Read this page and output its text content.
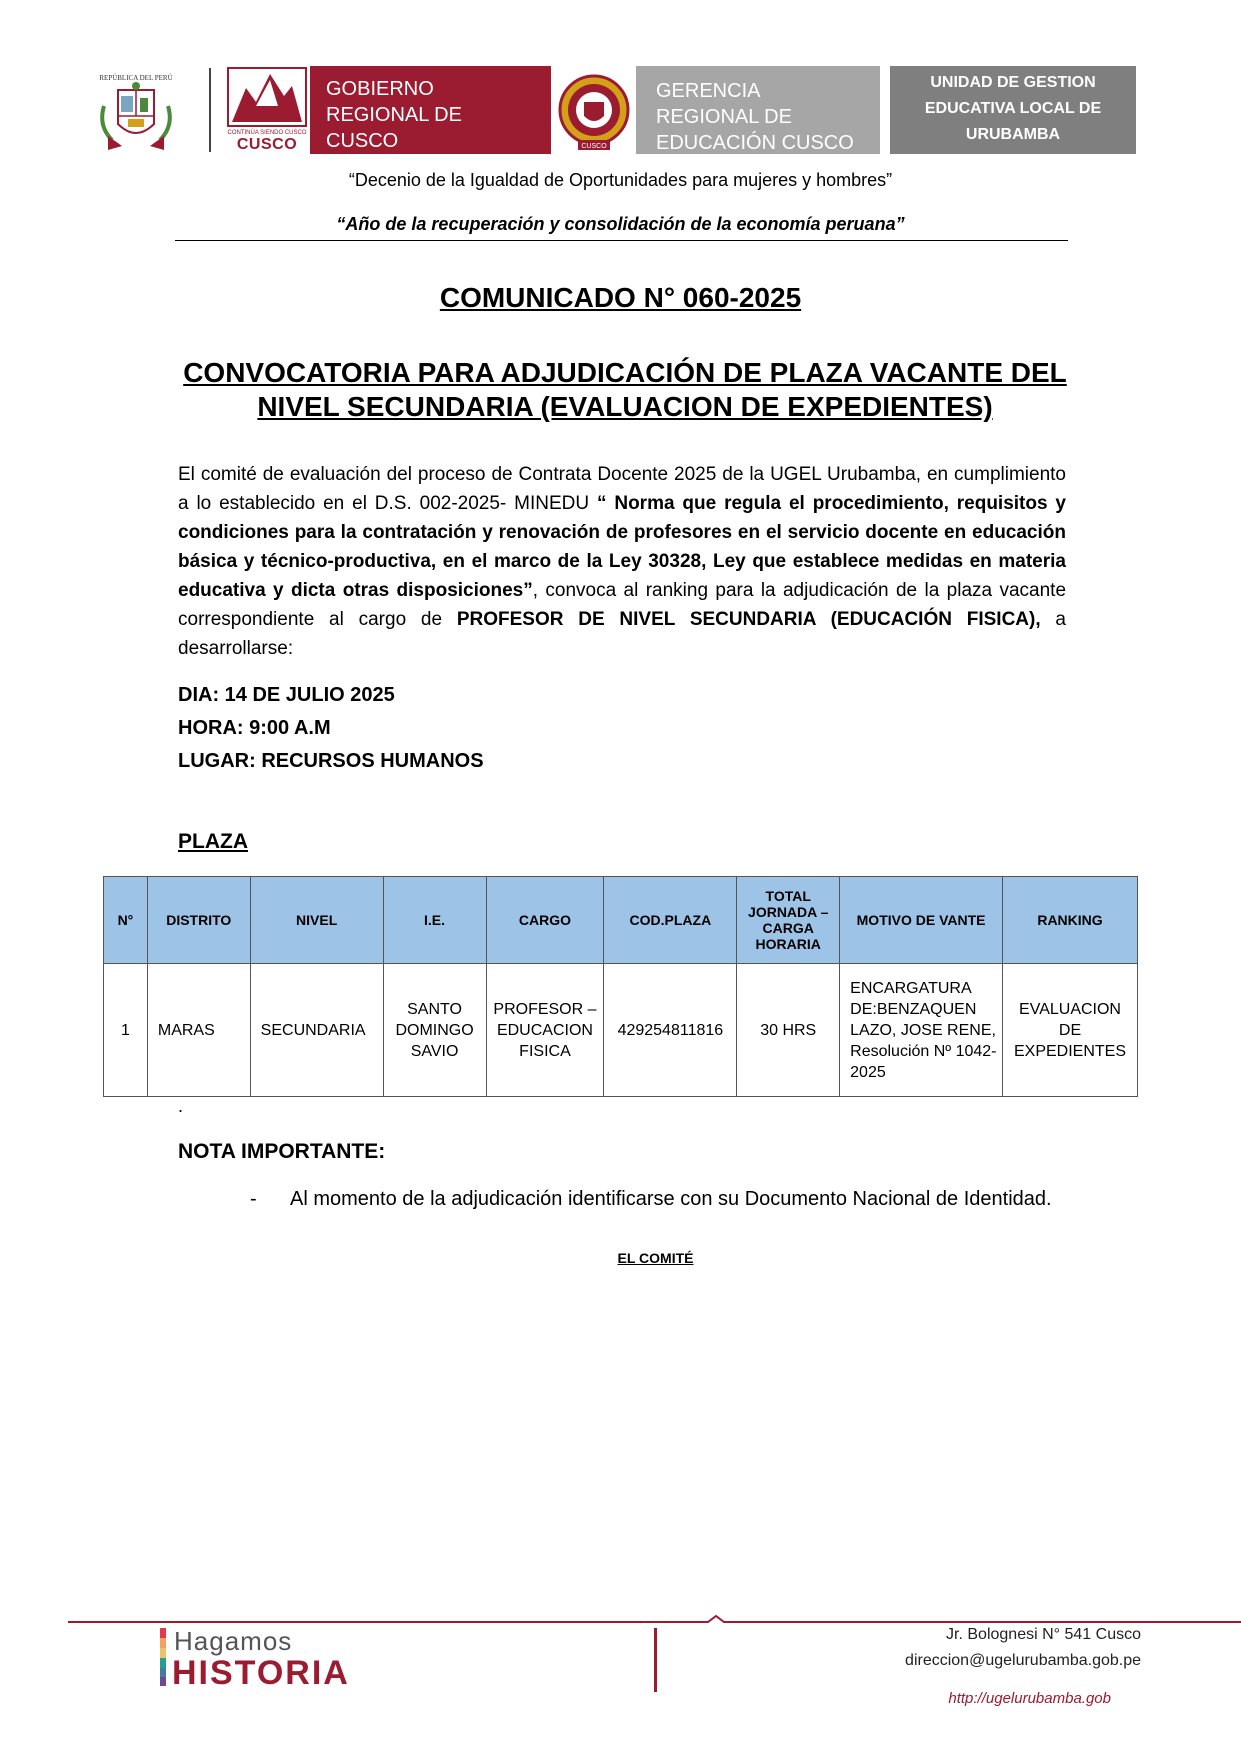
REPÚBLICA DEL PERÚ
CONTINÚA SIENDO CUSCO
CUSCO
GOBIERNO REGIONAL DE CUSCO	CUSCO
GERENCIA REGIONAL DE EDUCACIÓN CUSCO
UNIDAD DE GESTION EDUCATIVA LOCAL DE URUBAMBA
“Decenio de la Igualdad de Oportunidades para mujeres y hombres”
“Año de la recuperación y consolidación de la economía peruana”
COMUNICADO N° 060-2025
CONVOCATORIA PARA ADJUDICACIÓN DE PLAZA VACANTE DEL
NIVEL SECUNDARIA (EVALUACION DE EXPEDIENTES)
El comité de evaluación del proceso de Contrata Docente 2025 de la UGEL Urubamba, en cumplimiento a lo establecido en el D.S. 002-2025- MINEDU “ Norma que regula el procedimiento, requisitos y condiciones para la contratación y renovación de profesores en el servicio docente en educación básica y técnico-productiva, en el marco de la Ley 30328, Ley que establece medidas en materia educativa y dicta otras disposiciones”, convoca al ranking para la adjudicación de la plaza vacante correspondiente al cargo de PROFESOR DE NIVEL SECUNDARIA (EDUCACIÓN FISICA), a desarrollarse:
DIA: 14 DE JULIO 2025
HORA: 9:00 A.M
LUGAR: RECURSOS HUMANOS
PLAZA
N°	DISTRITO	NIVEL	I.E.	CARGO	COD.PLAZA	TOTAL JORNADA – CARGA HORARIA	MOTIVO DE VANTE	RANKING
1	MARAS	SECUNDARIA	SANTO DOMINGO SAVIO	PROFESOR – EDUCACION FISICA	429254811816	30 HRS	ENCARGATURA DE:BENZAQUEN LAZO, JOSE RENE, Resolución Nº 1042-2025	EVALUACION DE EXPEDIENTES
.
NOTA IMPORTANTE:
- Al momento de la adjudicación identificarse con su Documento Nacional de Identidad.
EL COMITÉ
Hagamos
HISTORIA
Jr. Bolognesi N° 541 Cusco
direccion@ugelurubamba.gob.pe
http://ugelurubamba.gob
